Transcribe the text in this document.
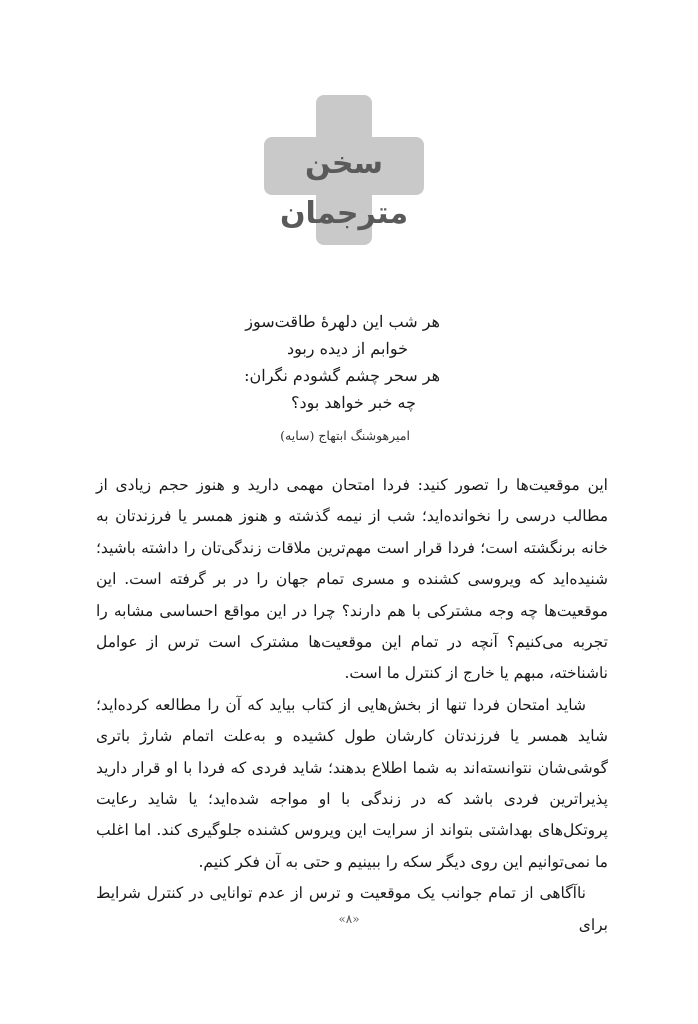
سخن مترجمان
هر شب این دلهرهٔ طاقت‌سوز
خوابم از دیده ربود
هر سحر چشم گشودم نگران:
چه خبر خواهد بود؟
امیرهوشنگ ابتهاج (سایه)

این موقعیت‌ها را تصور کنید: فردا امتحان مهمی دارید و هنوز حجم زیادی از مطالب درسی را نخوانده‌اید؛ شب از نیمه گذشته و هنوز همسر یا فرزندتان به خانه برنگشته است؛ فردا قرار است مهم‌ترین ملاقات زندگی‌تان را داشته باشید؛ شنیده‌اید که ویروسی کشنده و مسری تمام جهان را در بر گرفته است. این موقعیت‌ها چه وجه مشترکی با هم دارند؟ چرا در این مواقع احساسی مشابه را تجربه می‌کنیم؟ آنچه در تمام این موقعیت‌ها مشترک است ترس از عوامل ناشناخته، مبهم یا خارج از کنترل ما است.

شاید امتحان فردا تنها از بخش‌هایی از کتاب بیاید که آن را مطالعه کرده‌اید؛ شاید همسر یا فرزندتان کارشان طول کشیده و به‌علت اتمام شارژ باتری گوشی‌شان نتوانسته‌اند به شما اطلاع بدهند؛ شاید فردی که فردا با او قرار دارید پذیراترین فردی باشد که در زندگی با او مواجه شده‌اید؛ یا شاید رعایت پروتکل‌های بهداشتی بتواند از سرایت این ویروس کشنده جلوگیری کند. اما اغلب ما نمی‌توانیم این روی دیگر سکه را ببینیم و حتی به آن فکر کنیم.

ناآگاهی از تمام جوانب یک موقعیت و ترس از عدم توانایی در کنترل شرایط برای

«۸»
